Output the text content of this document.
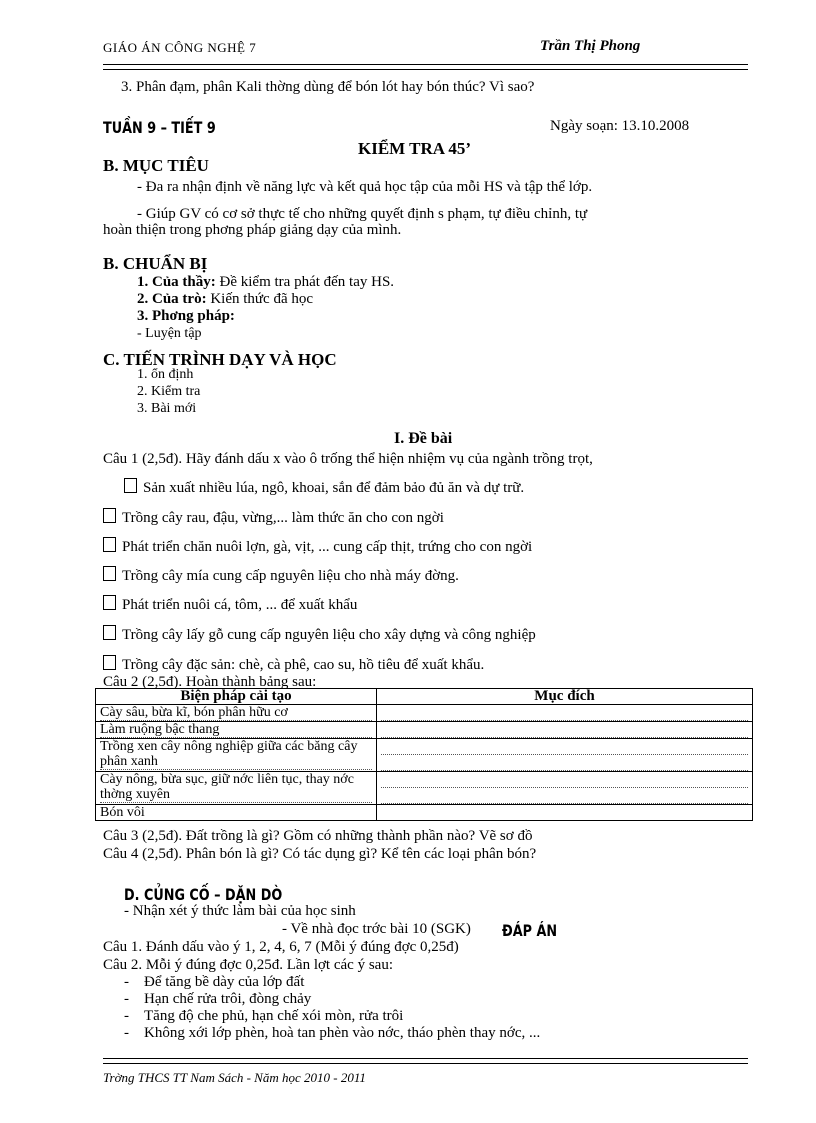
GIÁO ÁN CÔNG NGHỆ 7	Trần Thị Phong
3. Phân đạm, phân Kali thờng dùng để bón lót hay bón thúc? Vì sao?
TUẦN 9 – TIẾT 9	Ngày soạn: 13.10.2008
KIỂM TRA 45’
B. MỤC TIÊU
- Đa ra nhận định về năng lực và kết quả học tập của mỗi HS và tập thể lớp.
- Giúp GV có cơ sở thực tế cho những quyết định s phạm, tự điều chỉnh, tự
hoàn thiện trong phơng pháp giảng dạy của mình.
B. CHUẨN BỊ
1. Của thầy: Đề kiểm tra phát đến tay HS.
2. Của trò: Kiến thức đã học
3. Phơng pháp:
- Luyện tập
C. TIẾN TRÌNH DẠY VÀ HỌC
1. ổn định
2. Kiểm tra
3. Bài mới
I. Đề bài
Câu 1 (2,5đ). Hãy đánh dấu x vào ô trống thể hiện nhiệm vụ của ngành trồng trọt,
Sản xuất nhiều lúa, ngô, khoai, sắn để đảm bảo đủ ăn và dự trữ.
Trồng cây rau, đậu, vừng,... làm thức ăn cho con ngời
Phát triển chăn nuôi lợn, gà, vịt, ... cung cấp thịt, trứng cho con ngời
Trồng cây mía cung cấp nguyên liệu cho nhà máy đờng.
Phát triển nuôi cá, tôm, ... để xuất khẩu
Trồng cây lấy gỗ cung cấp nguyên liệu cho xây dựng và công nghiệp
Trồng cây đặc sản: chè, cà phê, cao su, hồ tiêu để xuất khẩu.
Câu 2 (2,5đ). Hoàn thành bảng sau:
Biện pháp cải tạo	Mục đích

Cày sâu, bừa kĩ, bón phân hữu cơ	

Làm ruộng bậc thang	

Trồng xen cây nông nghiệp giữa các băng cây phân xanh	

Cày nông, bừa sục, giữ nớc liên tục, thay nớc thờng xuyên	

Bón vôi	
Câu 3 (2,5đ). Đất trồng là gì? Gồm có những thành phần nào? Vẽ sơ đồ
Câu 4 (2,5đ). Phân bón là gì? Có tác dụng gì? Kể tên các loại phân bón?
D. CỦNG CỐ – DẶN DÒ
- Nhận xét ý thức làm bài của học sinh
- Về nhà đọc trớc bài 10 (SGK) ĐÁP ÁN
Câu 1. Đánh dấu vào ý 1, 2, 4, 6, 7 (Mỗi ý đúng đợc 0,25đ)
Câu 2. Mỗi ý đúng đợc 0,25đ. Lần lợt các ý sau:
-    Để tăng bề dày của lớp đất
-    Hạn chế rửa trôi, đòng chảy
-    Tăng độ che phủ, hạn chế xói mòn, rửa trôi
-    Không xới lớp phèn, hoà tan phèn vào nớc, tháo phèn thay nớc, ...
Trờng THCS TT Nam Sách - Năm học 2010 - 2011
